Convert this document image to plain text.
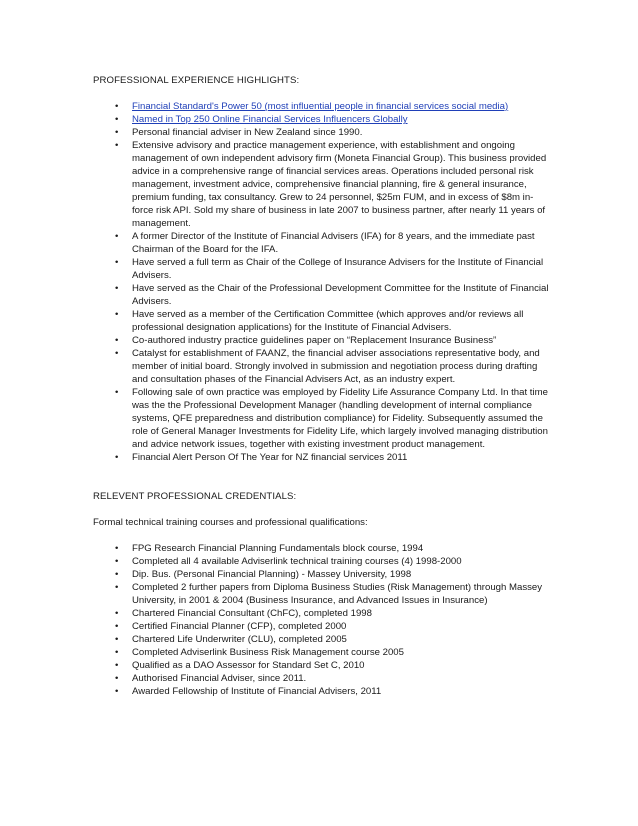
PROFESSIONAL EXPERIENCE HIGHLIGHTS:
• Financial Standard's Power 50 (most influential people in financial services social media)
• Named in Top 250 Online Financial Services Influencers Globally
• Personal financial adviser in New Zealand since 1990.
• Extensive advisory and practice management experience, with establishment and ongoing management of own independent advisory firm (Moneta Financial Group). This business provided advice in a comprehensive range of financial services areas. Operations included personal risk management, investment advice, comprehensive financial planning, fire & general insurance, premium funding, tax consultancy. Grew to 24 personnel, $25m FUM, and in excess of $8m in-force risk API. Sold my share of business in late 2007 to business partner, after nearly 11 years of management.
• A former Director of the Institute of Financial Advisers (IFA) for 8 years, and the immediate past Chairman of the Board for the IFA.
• Have served a full term as Chair of the College of Insurance Advisers for the Institute of Financial Advisers.
• Have served as the Chair of the Professional Development Committee for the Institute of Financial Advisers.
• Have served as a member of the Certification Committee (which approves and/or reviews all professional designation applications) for the Institute of Financial Advisers.
• Co-authored industry practice guidelines paper on “Replacement Insurance Business”
• Catalyst for establishment of FAANZ, the financial adviser associations representative body, and member of initial board. Strongly involved in submission and negotiation process during drafting and consultation phases of the Financial Advisers Act, as an industry expert.
• Following sale of own practice was employed by Fidelity Life Assurance Company Ltd. In that time was the the Professional Development Manager (handling development of internal compliance systems, QFE preparedness and distribution compliance) for Fidelity. Subsequently assumed the role of General Manager Investments for Fidelity Life, which largely involved managing distribution and advice network issues, together with existing investment product management.
• Financial Alert Person Of The Year for NZ financial services 2011
RELEVENT PROFESSIONAL CREDENTIALS:

Formal technical training courses and professional qualifications:

• FPG Research Financial Planning Fundamentals block course, 1994
• Completed all 4 available Adviserlink technical training courses (4) 1998-2000
• Dip. Bus. (Personal Financial Planning) - Massey University, 1998
• Completed 2 further papers from Diploma Business Studies (Risk Management) through Massey University, in 2001 & 2004 (Business Insurance, and Advanced Issues in Insurance)
• Chartered Financial Consultant (ChFC), completed 1998
• Certified Financial Planner (CFP), completed 2000
• Chartered Life Underwriter (CLU), completed 2005
• Completed Adviserlink Business Risk Management course 2005
• Qualified as a DAO Assessor for Standard Set C, 2010
• Authorised Financial Adviser, since 2011.
• Awarded Fellowship of Institute of Financial Advisers, 2011
